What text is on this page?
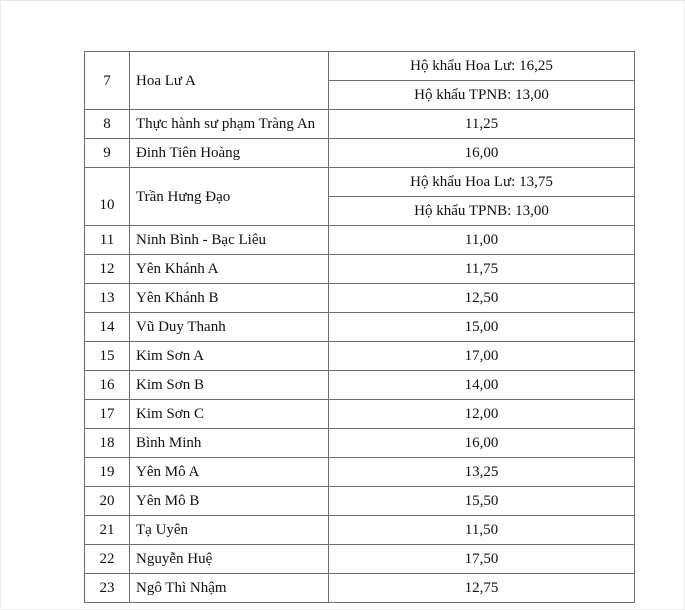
7	Hoa Lư A	Hộ khẩu Hoa Lư: 16,25
		Hộ khẩu TPNB: 13,00
8	Thực hành sư phạm Tràng An	11,25
9	Đinh Tiên Hoàng	16,00
10	Trần Hưng Đạo	Hộ khẩu Hoa Lư: 13,75
		Hộ khẩu TPNB: 13,00
11	Ninh Bình - Bạc Liêu	11,00
12	Yên Khánh A	11,75
13	Yên Khánh B	12,50
14	Vũ Duy Thanh	15,00
15	Kim Sơn A	17,00
16	Kim Sơn B	14,00
17	Kim Sơn C	12,00
18	Bình Minh	16,00
19	Yên Mô A	13,25
20	Yên Mô B	15,50
21	Tạ Uyên	11,50
22	Nguyễn Huệ	17,50
23	Ngô Thì Nhậm	12,75
